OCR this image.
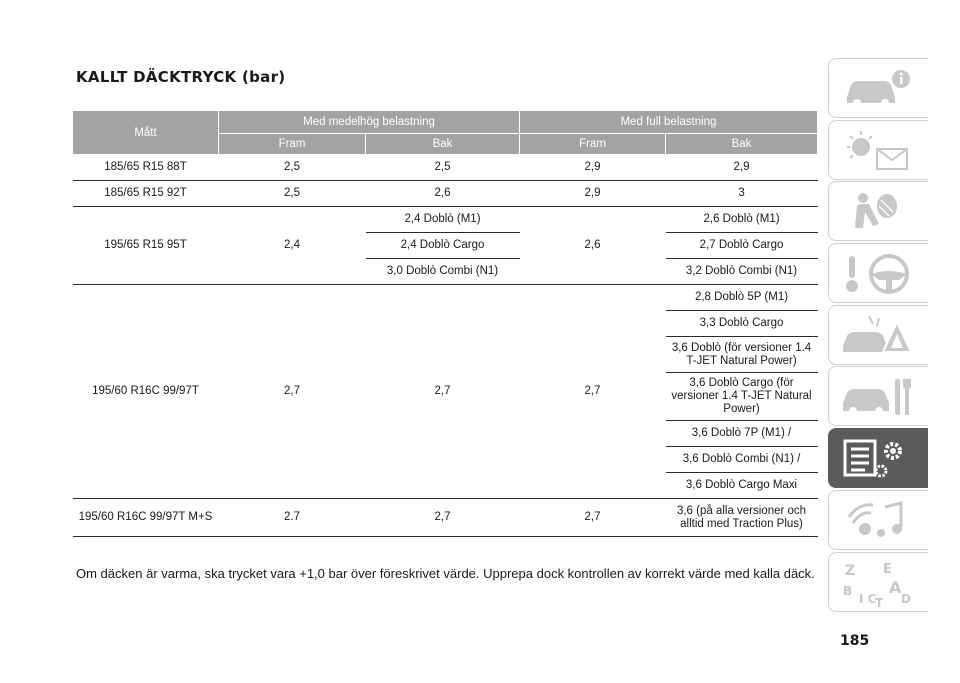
KALLT DÄCKTRYCK (bar)
Mått	Med medelhög belastning		Med full belastning	
	Fram	Bak	Fram	Bak
185/65 R15 88T	2,5	2,5	2,9	2,9
185/65 R15 92T	2,5	2,6	2,9	3
195/65 R15 95T	2,4	2,4 Doblò (M1)	2,6	2,6 Doblò (M1)
		2,4 Doblò Cargo		2,7 Doblò Cargo
		3,0 Doblò Combi (N1)		3,2 Doblò Combi (N1)
195/60 R16C 99/97T	2,7	2,7	2,7	2,8 Doblò 5P (M1)
				3,3 Doblò Cargo
				3,6 Doblò (för versioner 1.4 T-JET Natural Power)
				3,6 Doblò Cargo (för versioner 1.4 T-JET Natural Power)
				3,6 Doblò 7P (M1) /
				3,6 Doblò Combi (N1) /
				3,6 Doblò Cargo Maxi
195/60 R16C 99/97T M+S	2.7	2,7	2,7	3,6 (på alla versioner och alltid med Traction Plus)

Om däcken är varma, ska trycket vara +1,0 bar över föreskrivet värde. Upprepa dock kontrollen av korrekt värde med kalla däck. Z E
B A
I C D
T
185
